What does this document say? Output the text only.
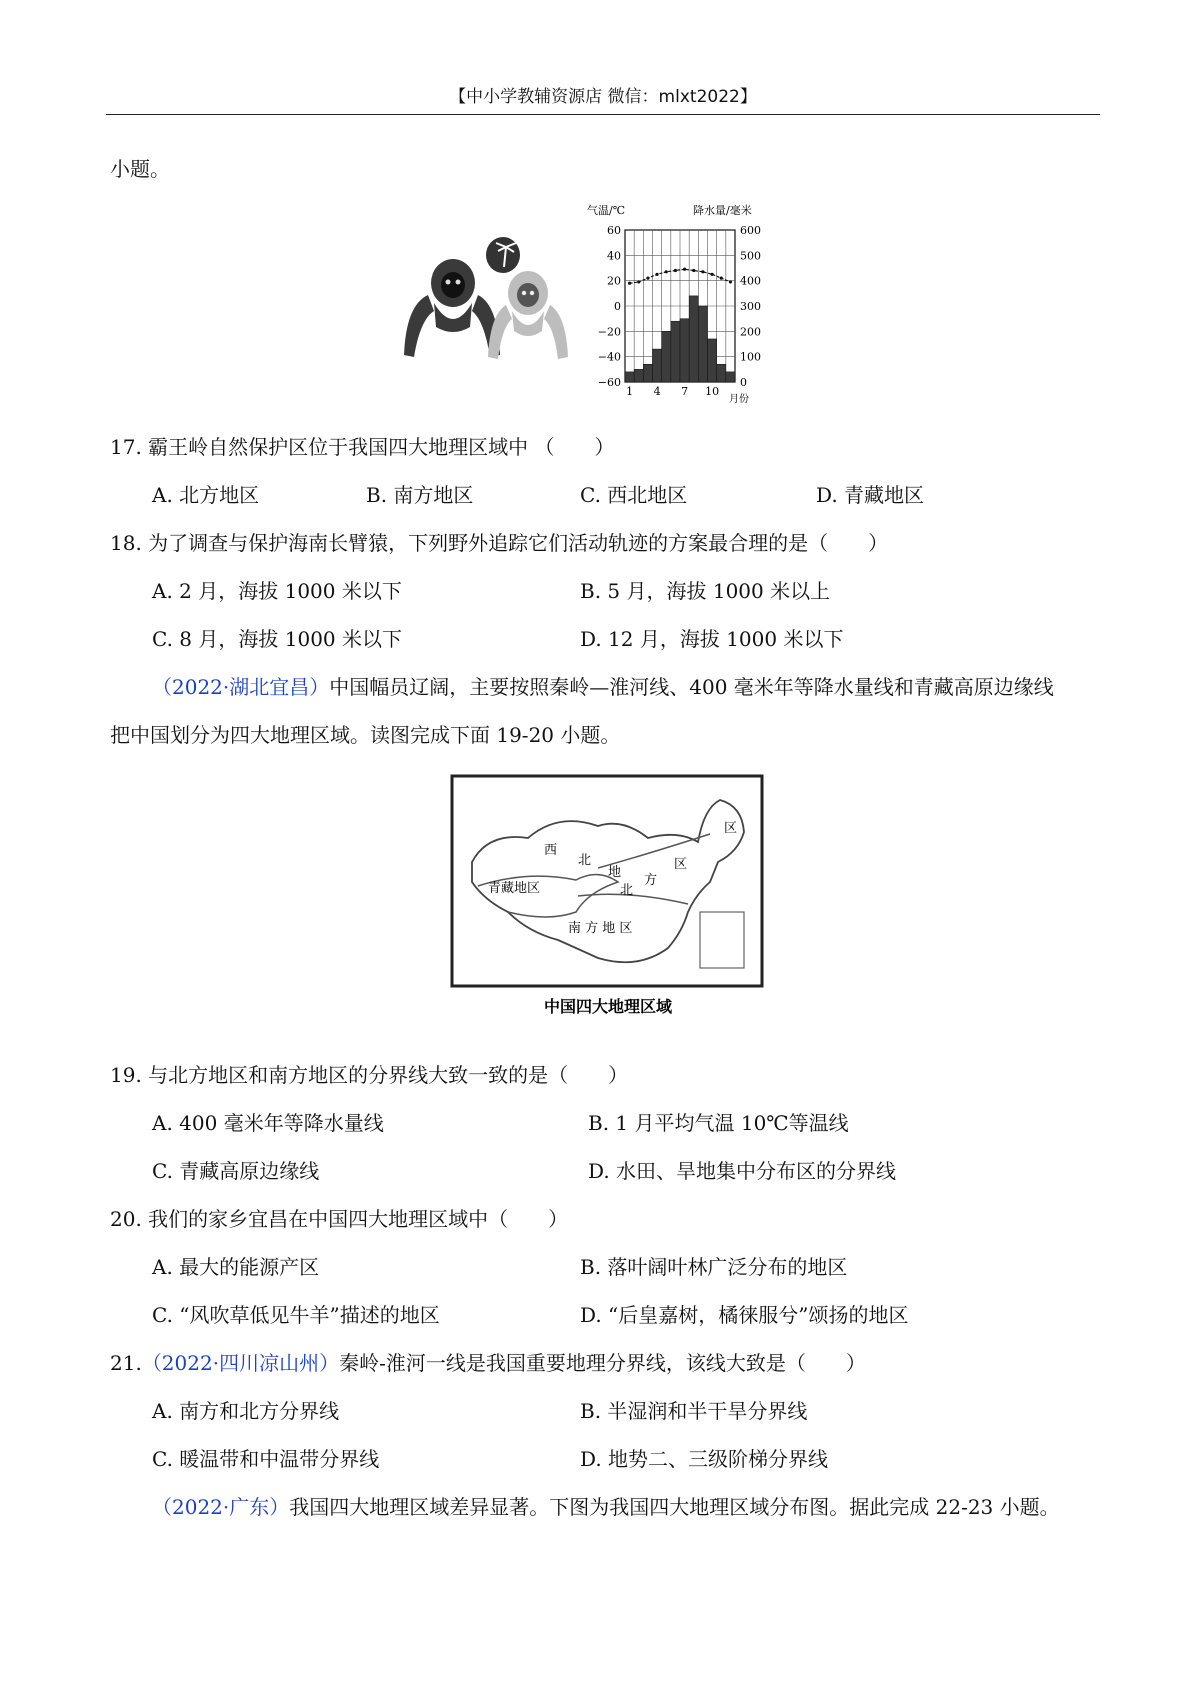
【中小学教辅资源店 微信：mlxt2022】
小题。
气温/℃	降水量/毫米
60
40
20
0
−20
−40
−60
600
500
400
300
200
100
0
1 4 7 10
月份
17. 霸王岭自然保护区位于我国四大地理区域中 （　　）
A. 北方地区	B. 南方地区	C. 西北地区	D. 青藏地区
18. 为了调查与保护海南长臂猿，下列野外追踪它们活动轨迹的方案最合理的是（　　）
A. 2 月，海拔 1000 米以下	B. 5 月，海拔 1000 米以上
C. 8 月，海拔 1000 米以下	D. 12 月，海拔 1000 米以下
（2022·湖北宜昌）中国幅员辽阔，主要按照秦岭—淮河线、400 毫米年等降水量线和青藏高原边缘线
把中国划分为四大地理区域。读图完成下面 19-20 小题。
西
北
地
区
青藏地区	北
方
区
南 方 地 区
中国四大地理区域
19. 与北方地区和南方地区的分界线大致一致的是（　　）
A. 400 毫米年等降水量线	B. 1 月平均气温 10℃等温线
C. 青藏高原边缘线	D. 水田、旱地集中分布区的分界线
20. 我们的家乡宜昌在中国四大地理区域中（　　）
A. 最大的能源产区	B. 落叶阔叶林广泛分布的地区
C. “风吹草低见牛羊”描述的地区	D. “后皇嘉树，橘徕服兮”颂扬的地区
21.（2022·四川凉山州）秦岭-淮河一线是我国重要地理分界线，该线大致是（　　）
A. 南方和北方分界线	B. 半湿润和半干旱分界线
C. 暖温带和中温带分界线	D. 地势二、三级阶梯分界线
（2022·广东）我国四大地理区域差异显著。下图为我国四大地理区域分布图。据此完成 22-23 小题。
